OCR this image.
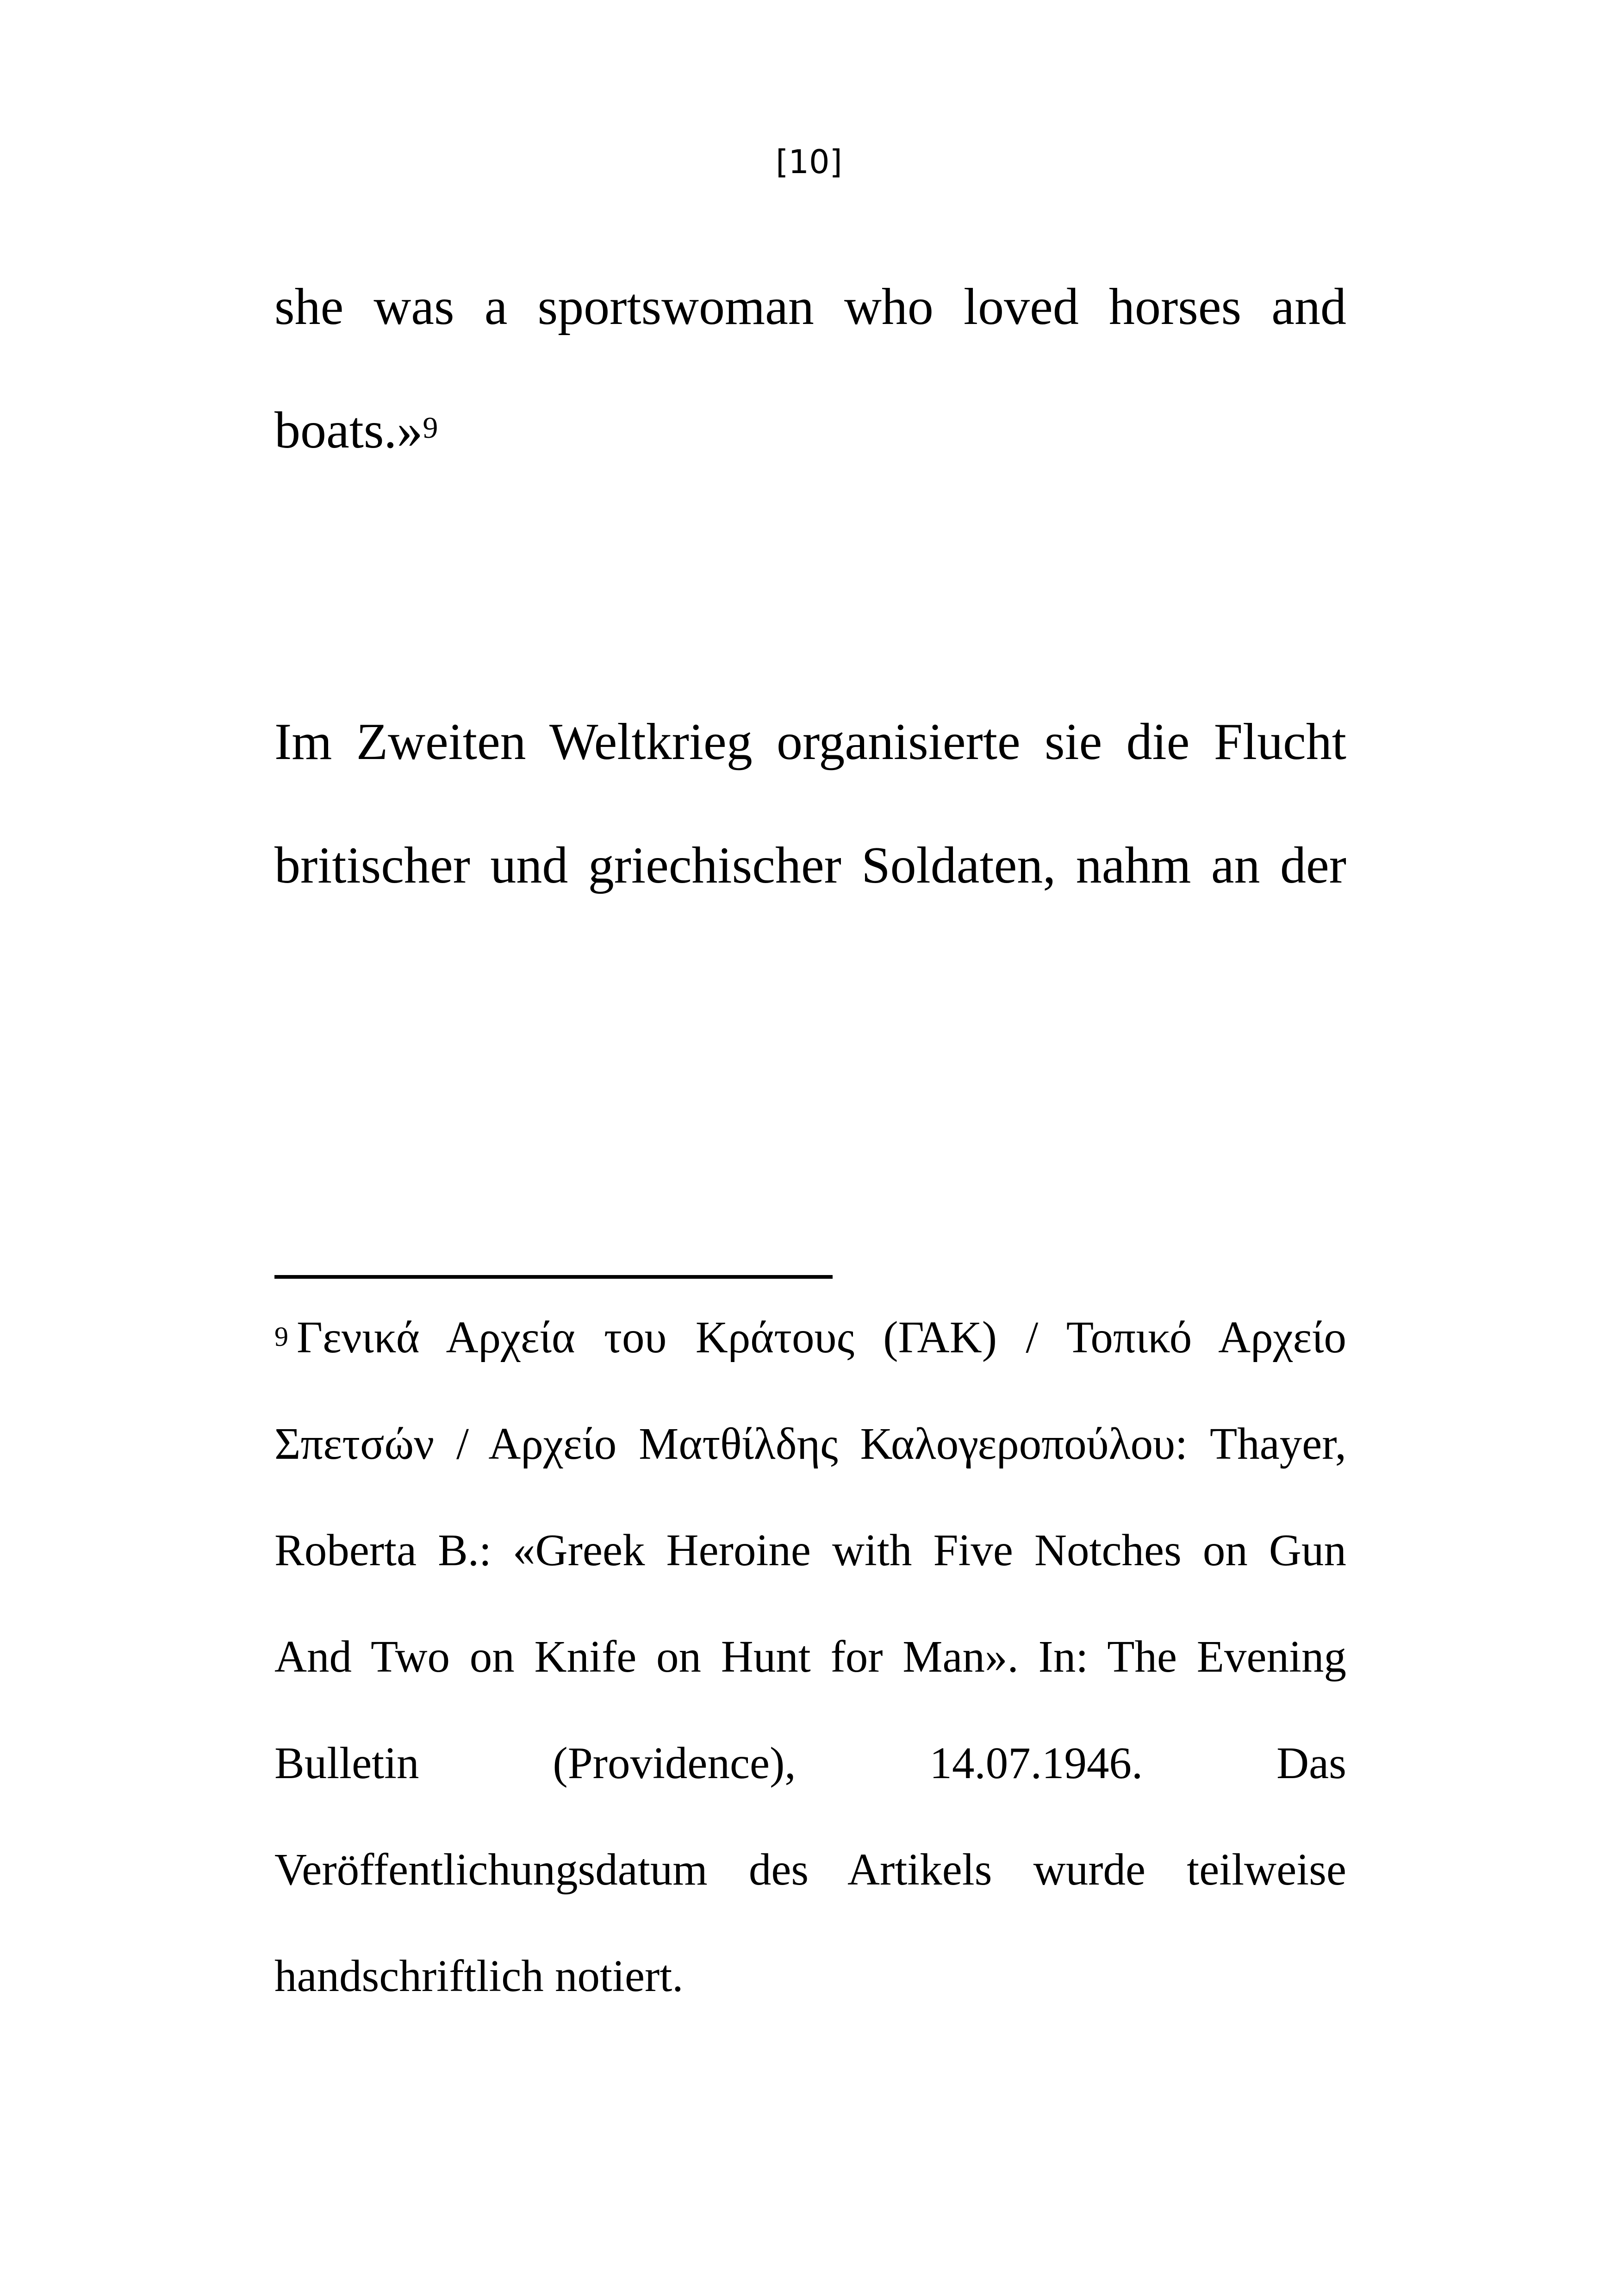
[10]
she was a sportswoman who loved horses and
boats.»$^9$
Im Zweiten Weltkrieg organisierte sie die Flucht
britischer und griechischer Soldaten, nahm an der
$^9$ Γενικά Αρχεία του Κράτους (ΓΑΚ) / Τοπικό Αρχείο
Σπετσών / Αρχείο Ματθίλδης Καλογεροπούλου: Thayer,
Roberta B.: «Greek Heroine with Five Notches on Gun
And Two on Knife on Hunt for Man». In: The Evening
Bulletin (Providence), 14.07.1946. Das
Veröffentlichungsdatum des Artikels wurde teilweise
handschriftlich notiert.
